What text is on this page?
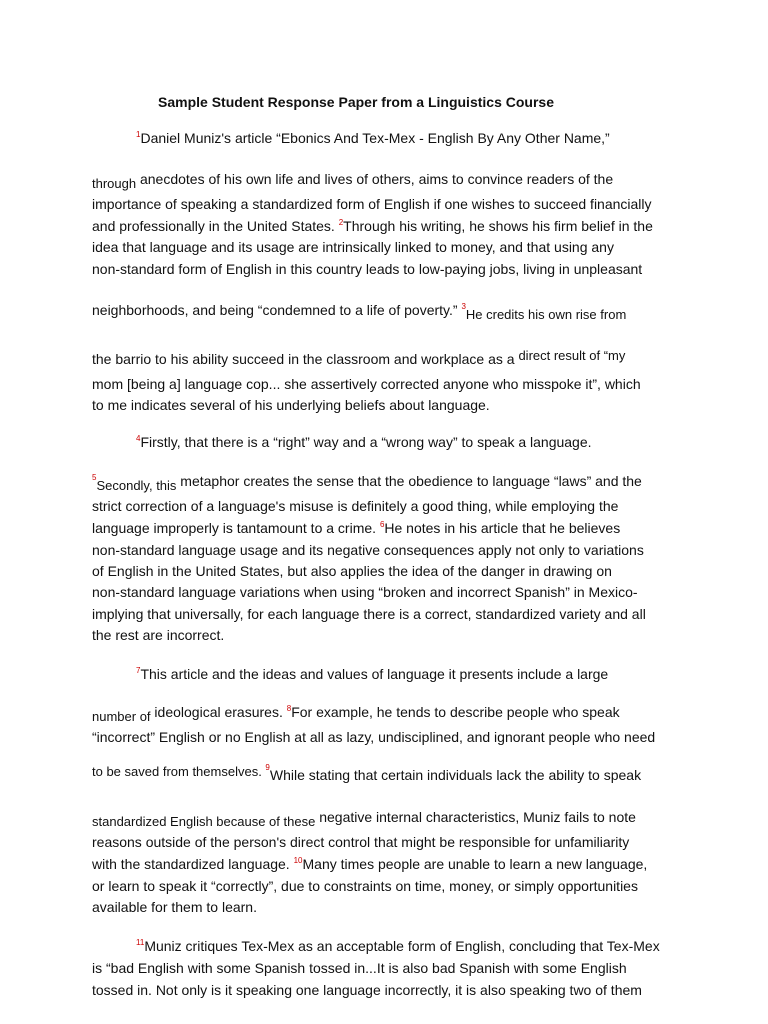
Sample Student Response Paper from a Linguistics Course
$^1$Daniel Muniz's article “Ebonics And Tex-Mex - English By Any Other Name,”
through anecdotes of his own life and lives of others, aims to convince readers of the
importance of speaking a standardized form of English if one wishes to succeed financially
and professionally in the United States. $^2$Through his writing, he shows his firm belief in the
idea that language and its usage are intrinsically linked to money, and that using any
non-standard form of English in this country leads to low-paying jobs, living in unpleasant
neighborhoods, and being “condemned to a life of poverty.” $^3$He credits his own rise from
the barrio to his ability succeed in the classroom and workplace as a direct result of “my
mom [being a] language cop... she assertively corrected anyone who misspoke it”, which
to me indicates several of his underlying beliefs about language.
$^4$Firstly, that there is a “right” way and a “wrong way” to speak a language.
$^5$Secondly, this metaphor creates the sense that the obedience to language “laws” and the
strict correction of a language's misuse is definitely a good thing, while employing the
language improperly is tantamount to a crime. $^6$He notes in his article that he believes
non-standard language usage and its negative consequences apply not only to variations
of English in the United States, but also applies the idea of the danger in drawing on
non-standard language variations when using “broken and incorrect Spanish” in Mexico-
implying that universally, for each language there is a correct, standardized variety and all
the rest are incorrect.
$^7$This article and the ideas and values of language it presents include a large
number of ideological erasures. $^8$For example, he tends to describe people who speak
“incorrect” English or no English at all as lazy, undisciplined, and ignorant people who need
to be saved from themselves. $^9$While stating that certain individuals lack the ability to speak
standardized English because of these negative internal characteristics, Muniz fails to note
reasons outside of the person's direct control that might be responsible for unfamiliarity
with the standardized language. $^{10}$Many times people are unable to learn a new language,
or learn to speak it “correctly”, due to constraints on time, money, or simply opportunities
available for them to learn.
$^{11}$Muniz critiques Tex-Mex as an acceptable form of English, concluding that Tex-Mex
is “bad English with some Spanish tossed in...It is also bad Spanish with some English
tossed in. Not only is it speaking one language incorrectly, it is also speaking two of them
